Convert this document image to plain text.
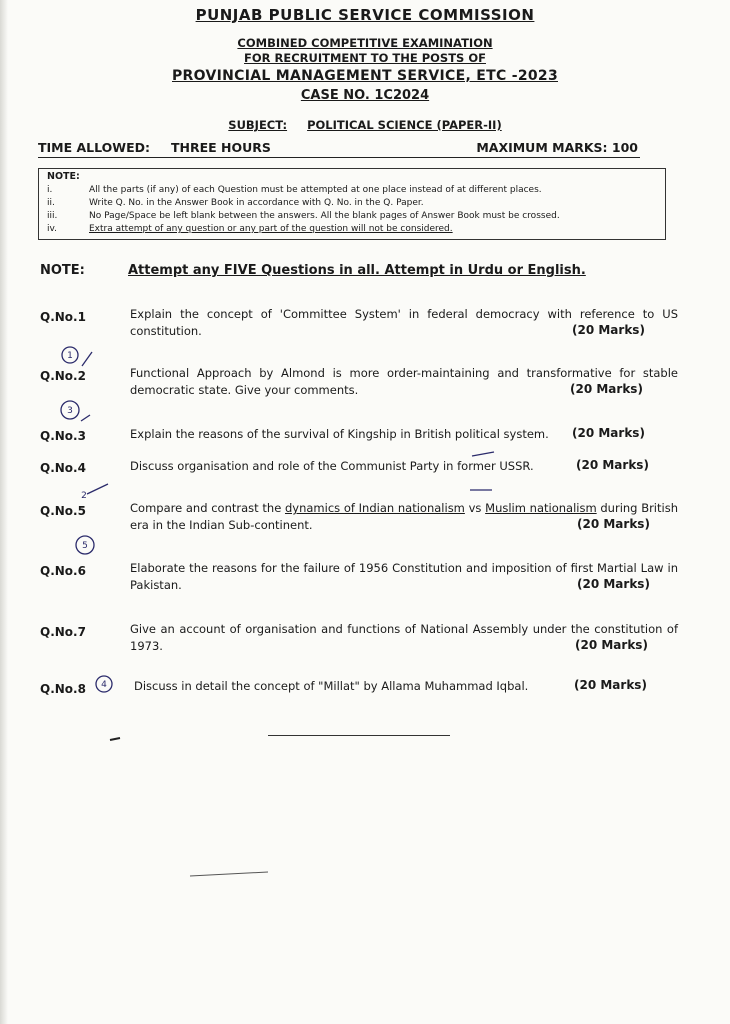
PUNJAB PUBLIC SERVICE COMMISSION
COMBINED COMPETITIVE EXAMINATION
FOR RECRUITMENT TO THE POSTS OF
PROVINCIAL MANAGEMENT SERVICE, ETC -2023
CASE NO. 1C2024
SUBJECT: POLITICAL SCIENCE (PAPER-II)
TIME ALLOWED: THREE HOURS	MAXIMUM MARKS: 100
NOTE:
i.	All the parts (if any) of each Question must be attempted at one place instead of at different places.
ii.	Write Q. No. in the Answer Book in accordance with Q. No. in the Q. Paper.
iii.	No Page/Space be left blank between the answers. All the blank pages of Answer Book must be crossed.
iv.	Extra attempt of any question or any part of the question will not be considered.
NOTE:	Attempt any FIVE Questions in all. Attempt in Urdu or English.
Q.No.1	Explain the concept of 'Committee System' in federal democracy with reference to US constitution.	(20 Marks)
Q.No.2	Functional Approach by Almond is more order-maintaining and transformative for stable democratic state. Give your comments.	(20 Marks)
Q.No.3	Explain the reasons of the survival of Kingship in British political system.	(20 Marks)
Q.No.4	Discuss organisation and role of the Communist Party in former USSR.	(20 Marks)
Q.No.5	Compare and contrast the dynamics of Indian nationalism vs Muslim nationalism during British era in the Indian Sub-continent.	(20 Marks)
Q.No.6	Elaborate the reasons for the failure of 1956 Constitution and imposition of first Martial Law in Pakistan.	(20 Marks)
Q.No.7	Give an account of organisation and functions of National Assembly under the constitution of 1973.	(20 Marks)
Q.No.8	Discuss in detail the concept of "Millat" by Allama Muhammad Iqbal.	(20 Marks)
1
3
2
5
4
